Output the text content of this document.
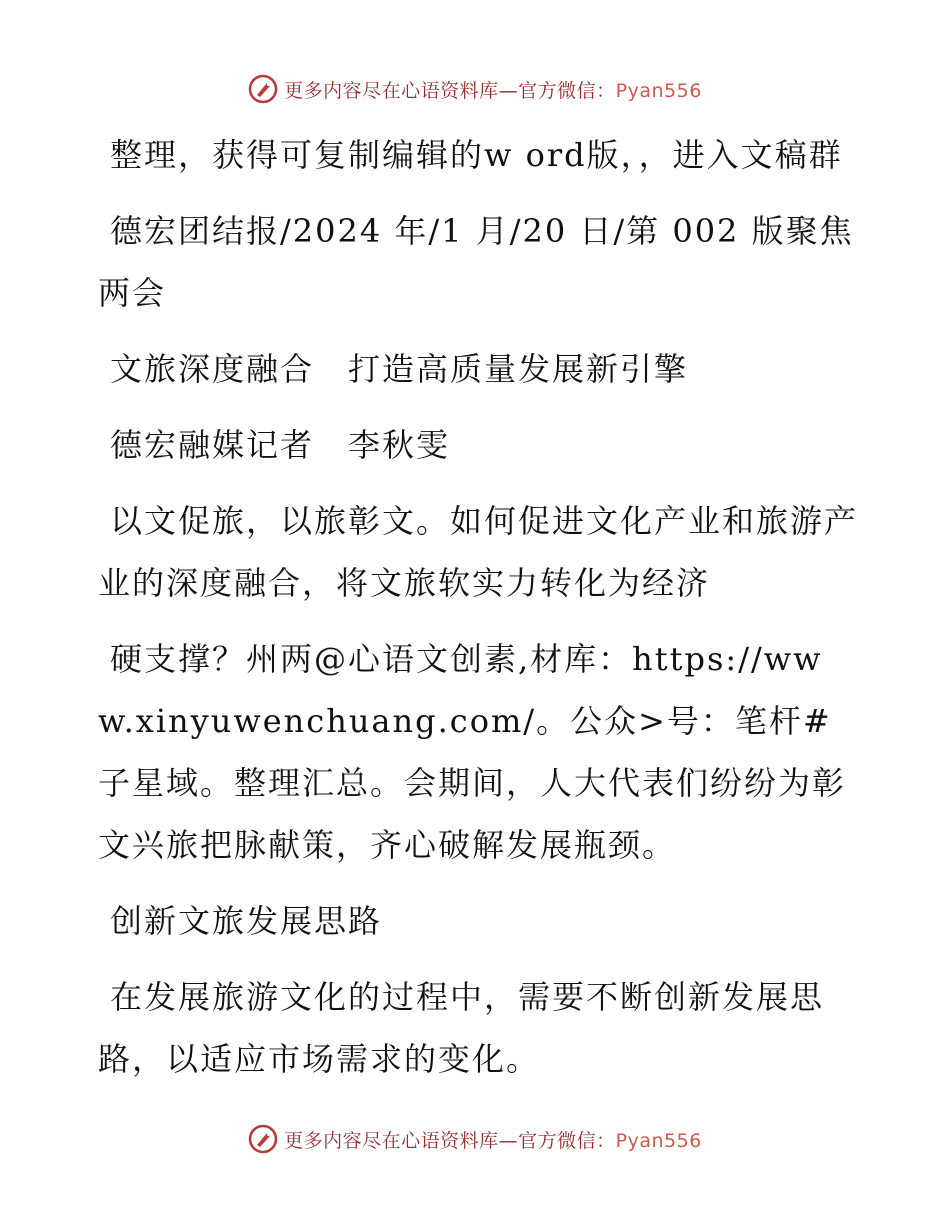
更多内容尽在心语资料库—官方微信：Pyan556

整理，获得可复制编辑的w ord版，，进入文稿群

德宏团结报/2024 年/1 月/20 日/第 002 版聚焦两会

文旅深度融合　打造高质量发展新引擎

德宏融媒记者　李秋雯

以文促旅，以旅彰文。如何促进文化产业和旅游产业的深度融合，将文旅软实力转化为经济

硬支撑？州两@心语文创素,材库：https://www.xinyuwenchuang.com/。公众>号：笔杆#子星域。整理汇总。会期间，人大代表们纷纷为彰文兴旅把脉献策，齐心破解发展瓶颈。

创新文旅发展思路

在发展旅游文化的过程中，需要不断创新发展思路，以适应市场需求的变化。

更多内容尽在心语资料库—官方微信：Pyan556
